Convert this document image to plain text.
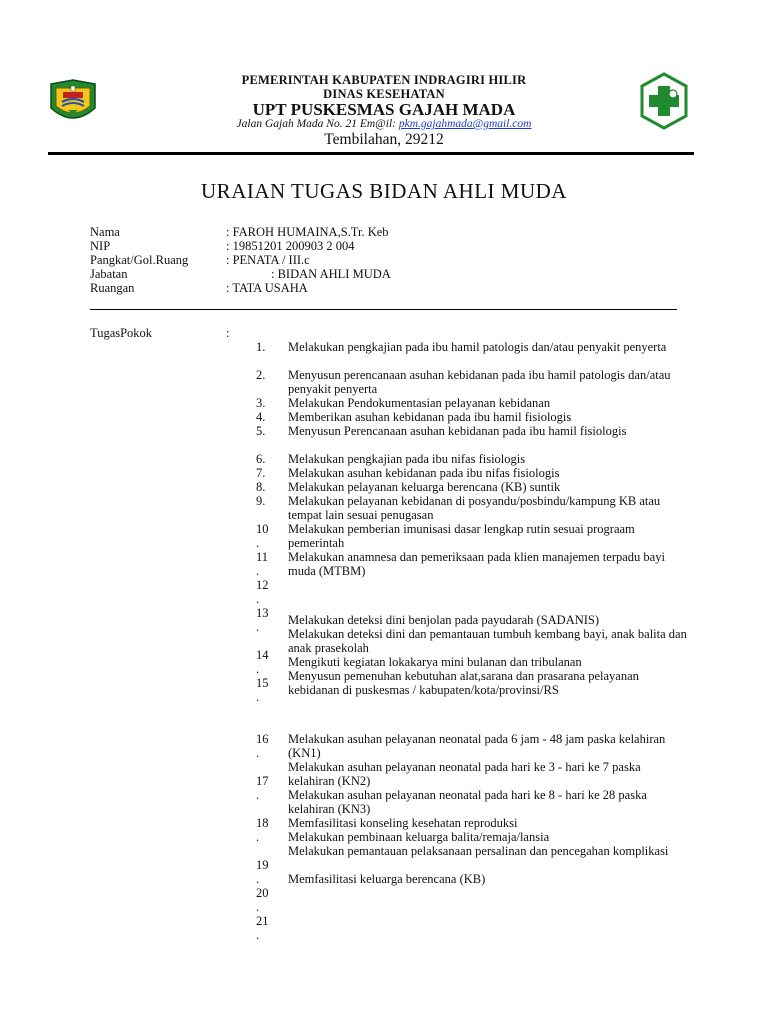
PEMERINTAH KABUPATEN INDRAGIRI HILIR
DINAS KESEHATAN
UPT PUSKESMAS GAJAH MADA
Jalan Gajah Mada No. 21 Em@il: pkm.gajahmada@gmail.com
Tembilahan, 29212
URAIAN TUGAS BIDAN AHLI MUDA
Nama	: FAROH HUMAINA,S.Tr. Keb
NIP	: 19851201 200903 2 004
Pangkat/Gol.Ruang	: PENATA / III.c
Jabatan	: BIDAN AHLI MUDA
Ruangan	: TATA USAHA
TugasPokok	:
1.
2.
3.
4.
5.
6.
7.
8.
9.
10
.
11
.
12
.
13
.
14
.
15
.
16
.
17
.
18
.
19
.
20
.
21
.
Melakukan pengkajian pada ibu hamil patologis dan/atau penyakit penyerta
Menyusun perencanaan asuhan kebidanan pada ibu hamil patologis dan/atau penyakit penyerta
Melakukan Pendokumentasian pelayanan kebidanan
Memberikan asuhan kebidanan pada ibu hamil fisiologis
Menyusun Perencanaan asuhan kebidanan pada ibu hamil fisiologis
Melakukan pengkajian pada ibu nifas fisiologis
Melakukan asuhan kebidanan pada ibu nifas fisiologis
Melakukan pelayanan keluarga berencana (KB) suntik
Melakukan pelayanan kebidanan di posyandu/posbindu/kampung KB atau tempat lain sesuai penugasan
Melakukan pemberian imunisasi dasar lengkap rutin sesuai prograam pemerintah
Melakukan anamnesa dan pemeriksaan pada klien manajemen terpadu bayi muda (MTBM)
Melakukan deteksi dini benjolan pada payudarah (SADANIS)
Melakukan deteksi dini dan pemantauan tumbuh kembang bayi, anak balita dan anak prasekolah
Mengikuti kegiatan lokakarya mini bulanan dan tribulanan
Menyusun pemenuhan kebutuhan alat,sarana dan prasarana pelayanan kebidanan di puskesmas / kabupaten/kota/provinsi/RS
Melakukan asuhan pelayanan neonatal pada 6 jam - 48 jam paska kelahiran (KN1)
Melakukan asuhan pelayanan neonatal pada hari ke 3 - hari ke 7 paska kelahiran (KN2)
Melakukan asuhan pelayanan neonatal pada hari ke 8 - hari ke 28 paska kelahiran (KN3)
Memfasilitasi konseling kesehatan reproduksi
Melakukan pembinaan keluarga balita/remaja/lansia
Melakukan pemantauan pelaksanaan persalinan dan pencegahan komplikasi
Memfasilitasi keluarga berencana (KB)
